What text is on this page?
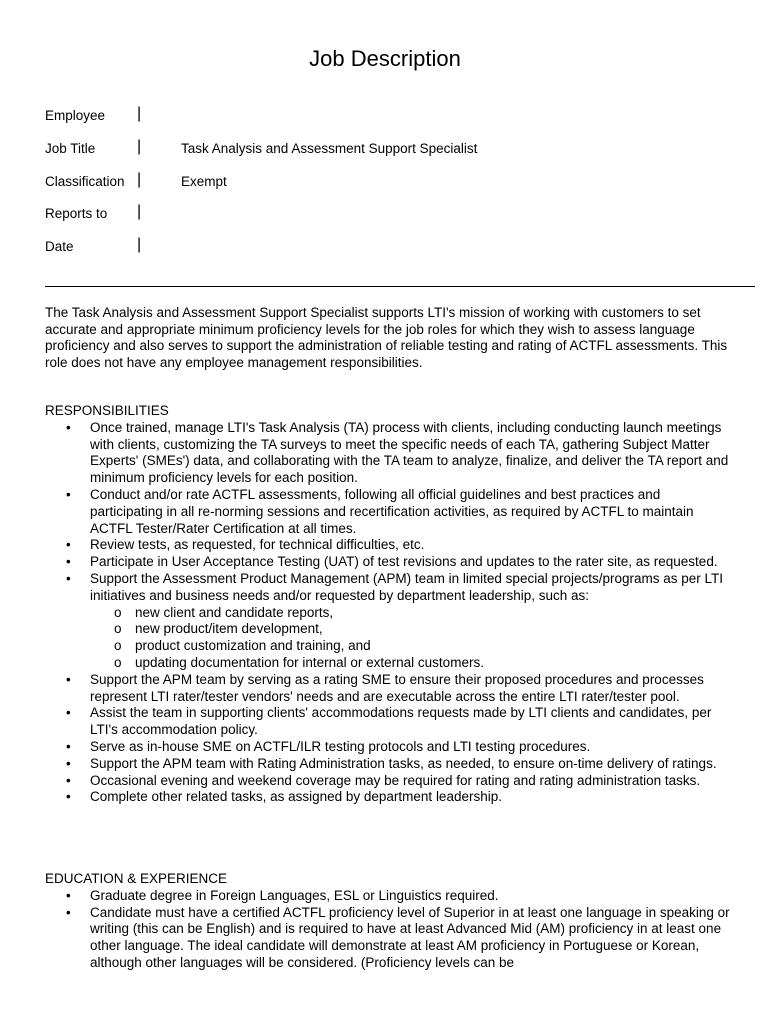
Job Description
Employee |
Job Title	|	Task Analysis and Assessment Support Specialist
Classification |	Exempt
Reports to |
Date	|

The Task Analysis and Assessment Support Specialist supports LTI's mission of working with customers to set accurate and appropriate minimum proficiency levels for the job roles for which they wish to assess language proficiency and also serves to support the administration of reliable testing and rating of ACTFL assessments. This role does not have any employee management responsibilities.

RESPONSIBILITIES
• Once trained, manage LTI's Task Analysis (TA) process with clients, including conducting launch meetings with clients, customizing the TA surveys to meet the specific needs of each TA, gathering Subject Matter Experts' (SMEs') data, and collaborating with the TA team to analyze, finalize, and deliver the TA report and minimum proficiency levels for each position.
• Conduct and/or rate ACTFL assessments, following all official guidelines and best practices and participating in all re-norming sessions and recertification activities, as required by ACTFL to maintain ACTFL Tester/Rater Certification at all times.
• Review tests, as requested, for technical difficulties, etc.
• Participate in User Acceptance Testing (UAT) of test revisions and updates to the rater site, as requested.
• Support the Assessment Product Management (APM) team in limited special projects/programs as per LTI initiatives and business needs and/or requested by department leadership, such as:
o new client and candidate reports,
o new product/item development,
o product customization and training, and
o updating documentation for internal or external customers.
• Support the APM team by serving as a rating SME to ensure their proposed procedures and processes represent LTI rater/tester vendors' needs and are executable across the entire LTI rater/tester pool.
• Assist the team in supporting clients' accommodations requests made by LTI clients and candidates, per LTI's accommodation policy.
• Serve as in-house SME on ACTFL/ILR testing protocols and LTI testing procedures.
• Support the APM team with Rating Administration tasks, as needed, to ensure on-time delivery of ratings.
• Occasional evening and weekend coverage may be required for rating and rating administration tasks.
• Complete other related tasks, as assigned by department leadership.
EDUCATION & EXPERIENCE
• Graduate degree in Foreign Languages, ESL or Linguistics required.
• Candidate must have a certified ACTFL proficiency level of Superior in at least one language in speaking or writing (this can be English) and is required to have at least Advanced Mid (AM) proficiency in at least one other language. The ideal candidate will demonstrate at least AM proficiency in Portuguese or Korean, although other languages will be considered. (Proficiency levels can be
